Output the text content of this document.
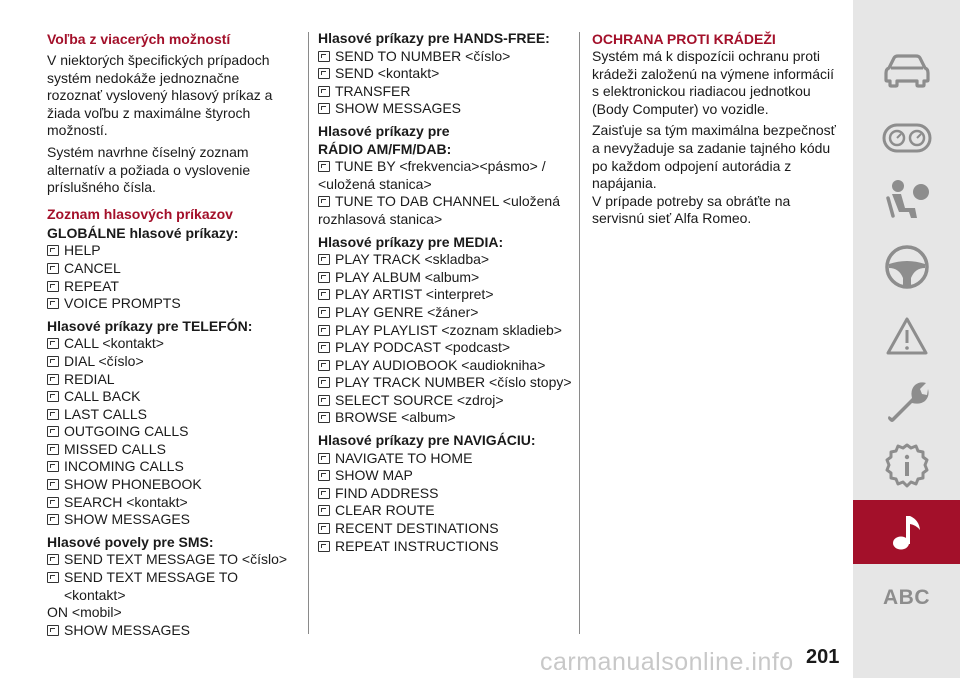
Voľba z viacerých možností
V niektorých špecifických prípadoch systém nedokáže jednoznačne rozoznať vyslovený hlasový príkaz a žiada voľbu z maximálne štyroch možností.
Systém navrhne číselný zoznam alternatív a požiada o vyslovenie príslušného čísla.
Zoznam hlasových príkazov
GLOBÁLNE hlasové príkazy:
HELP
CANCEL
REPEAT
VOICE PROMPTS
Hlasové príkazy pre TELEFÓN:
CALL <kontakt>
DIAL <číslo>
REDIAL
CALL BACK
LAST CALLS
OUTGOING CALLS
MISSED CALLS
INCOMING CALLS
SHOW PHONEBOOK
SEARCH <kontakt>
SHOW MESSAGES
Hlasové povely pre SMS:
SEND TEXT MESSAGE TO <číslo>
SEND TEXT MESSAGE TO <kontakt>
ON <mobil>
SHOW MESSAGES
Hlasové príkazy pre HANDS-FREE:
SEND TO NUMBER <číslo>
SEND <kontakt>
TRANSFER
SHOW MESSAGES
Hlasové príkazy pre RÁDIO AM/FM/DAB:
TUNE BY <frekvencia><pásmo> /
<uložená stanica>
TUNE TO DAB CHANNEL <uložená
rozhlasová stanica>
Hlasové príkazy pre MEDIA:
PLAY TRACK <skladba>
PLAY ALBUM <album>
PLAY ARTIST <interpret>
PLAY GENRE <žáner>
PLAY PLAYLIST <zoznam skladieb>
PLAY PODCAST <podcast>
PLAY AUDIOBOOK <audiokniha>
PLAY TRACK NUMBER <číslo stopy>
SELECT SOURCE <zdroj>
BROWSE <album>
Hlasové príkazy pre NAVIGÁCIU:
NAVIGATE TO HOME
SHOW MAP
FIND ADDRESS
CLEAR ROUTE
RECENT DESTINATIONS
REPEAT INSTRUCTIONS
OCHRANA PROTI KRÁDEŽI
Systém má k dispozícii ochranu proti krádeži založenú na výmene informácií s elektronickou riadiacou jednotkou (Body Computer) vo vozidle.
Zaisťuje sa tým maximálna bezpečnosť a nevyžaduje sa zadanie tajného kódu po každom odpojení autorádia z napájania.
V prípade potreby sa obráťte na servisnú sieť Alfa Romeo.
ABC
201
carmanualsonline.info
